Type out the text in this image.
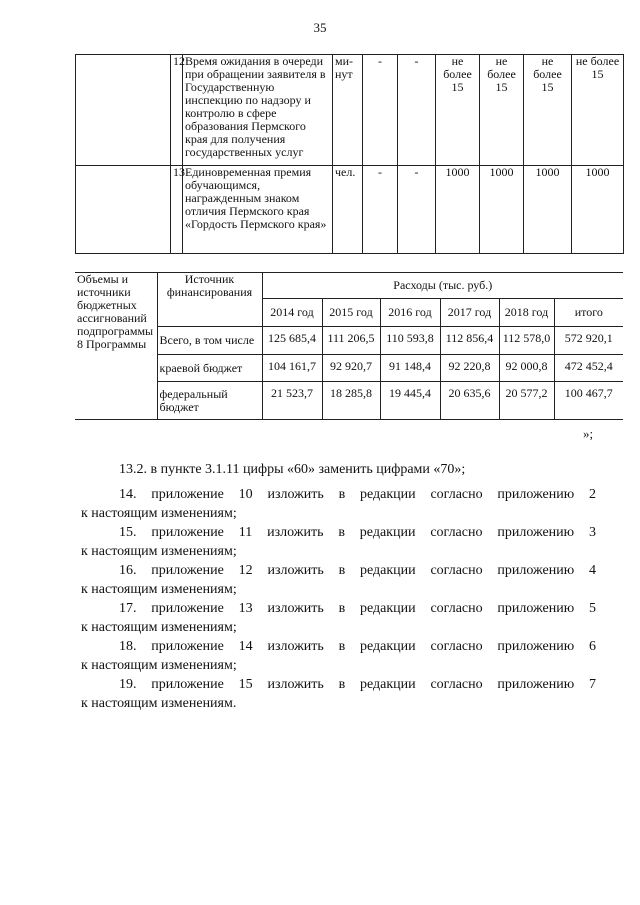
35
	12	Время ожидания в очереди при обращении заявителя в Государственную инспекцию по надзору и контролю в сфере образования Пермского края для получения государственных услуг	ми-нут	-	-	не более 15	не более 15	не более 15	не более 15
	13	Единовременная премия обучающимся, награжденным знаком отличия Пермского края «Гордость Пермского края»	чел.	-	-	1000	1000	1000	1000
Объемы и источники бюджетных ассигнований подпрограммы 8 Программы	Источник финансирования	Расходы (тыс. руб.)					
		2014 год	2015 год	2016 год	2017 год	2018 год	итого
	Всего, в том числе	125 685,4	111 206,5	110 593,8	112 856,4	112 578,0	572 920,1
	краевой бюджет	104 161,7	92 920,7	91 148,4	92 220,8	92 000,8	472 452,4
	федеральный бюджет	21 523,7	18 285,8	19 445,4	20 635,6	20 577,2	100 467,7
»;
13.2. в пункте 3.1.11 цифры «60» заменить цифрами «70»;
14. приложение 10 изложить в редакции согласно приложению 2
к настоящим изменениям;
15. приложение 11 изложить в редакции согласно приложению 3
к настоящим изменениям;
16. приложение 12 изложить в редакции согласно приложению 4
к настоящим изменениям;
17. приложение 13 изложить в редакции согласно приложению 5
к настоящим изменениям;
18. приложение 14 изложить в редакции согласно приложению 6
к настоящим изменениям;
19. приложение 15 изложить в редакции согласно приложению 7
к настоящим изменениям.
